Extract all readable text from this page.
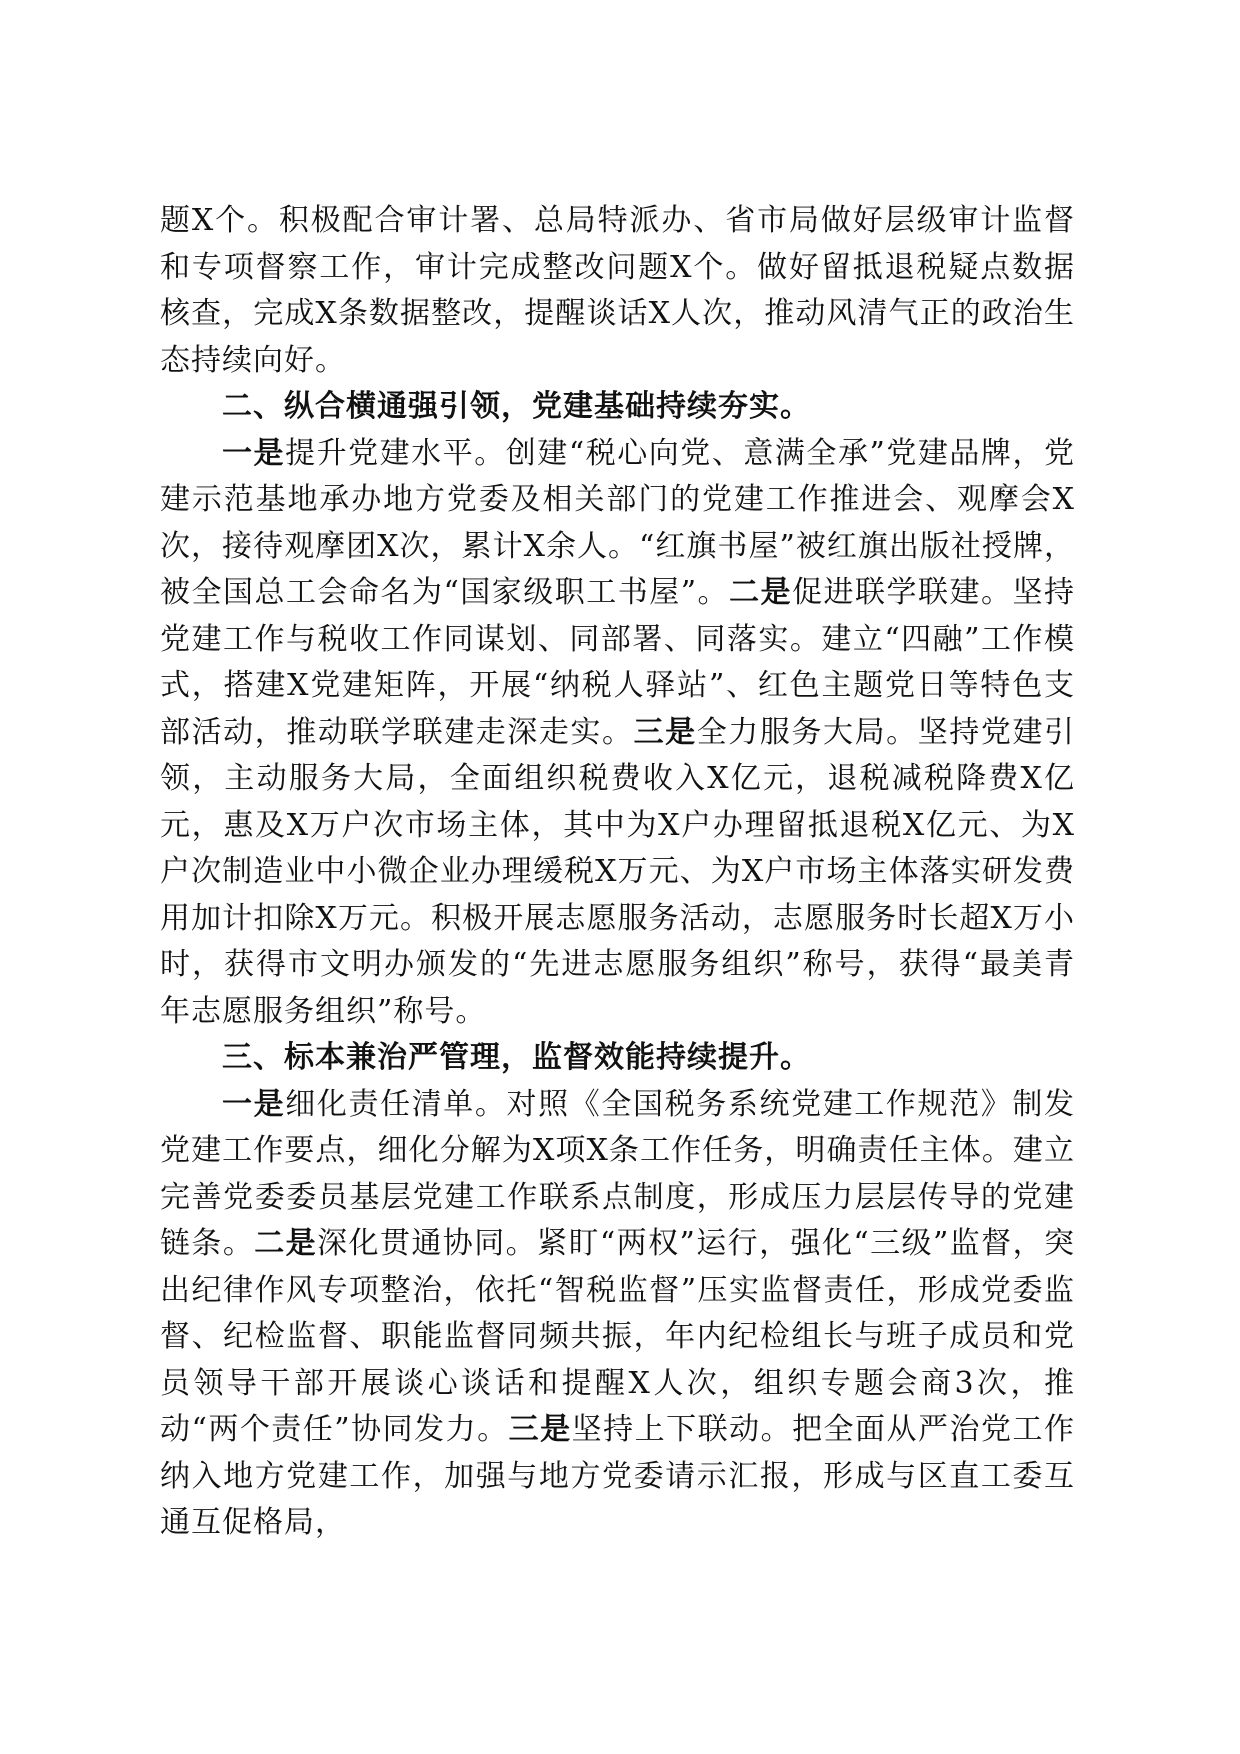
题X个。积极配合审计署、总局特派办、省市局做好层级审计监督和专项督察工作，审计完成整改问题X个。做好留抵退税疑点数据核查，完成X条数据整改，提醒谈话X人次，推动风清气正的政治生态持续向好。

二、纵合横通强引领，党建基础持续夯实。

一是提升党建水平。创建“税心向党、意满全承”党建品牌，党建示范基地承办地方党委及相关部门的党建工作推进会、观摩会X次，接待观摩团X次，累计X余人。“红旗书屋”被红旗出版社授牌，被全国总工会命名为“国家级职工书屋”。二是促进联学联建。坚持党建工作与税收工作同谋划、同部署、同落实。建立“四融”工作模式，搭建X党建矩阵，开展“纳税人驿站”、红色主题党日等特色支部活动，推动联学联建走深走实。三是全力服务大局。坚持党建引领，主动服务大局，全面组织税费收入X亿元，退税减税降费X亿元，惠及X万户次市场主体，其中为X户办理留抵退税X亿元、为X户次制造业中小微企业办理缓税X万元、为X户市场主体落实研发费用加计扣除X万元。积极开展志愿服务活动，志愿服务时长超X万小时，获得市文明办颁发的“先进志愿服务组织”称号，获得“最美青年志愿服务组织”称号。

三、标本兼治严管理，监督效能持续提升。

一是细化责任清单。对照《全国税务系统党建工作规范》制发党建工作要点，细化分解为X项X条工作任务，明确责任主体。建立完善党委委员基层党建工作联系点制度，形成压力层层传导的党建链条。二是深化贯通协同。紧盯“两权”运行，强化“三级”监督，突出纪律作风专项整治，依托“智税监督”压实监督责任，形成党委监督、纪检监督、职能监督同频共振，年内纪检组长与班子成员和党员领导干部开展谈心谈话和提醒X人次，组织专题会商3次，推动“两个责任”协同发力。三是坚持上下联动。把全面从严治党工作纳入地方党建工作，加强与地方党委请示汇报，形成与区直工委互通互促格局，
